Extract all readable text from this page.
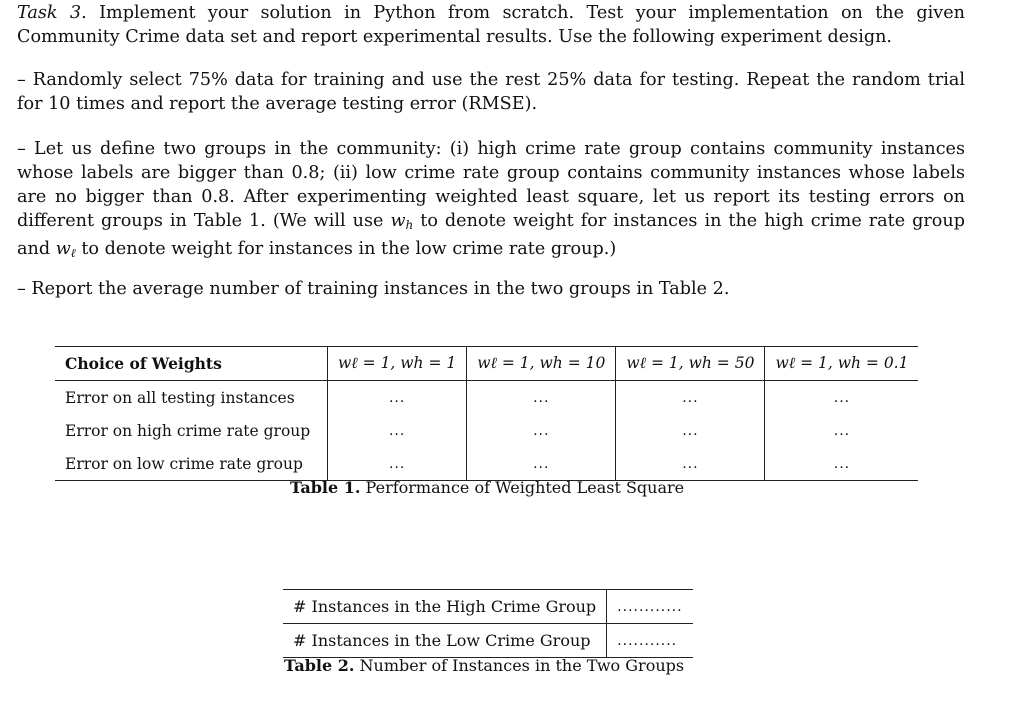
Task 3. Implement your solution in Python from scratch. Test your implementation on the given Community Crime data set and report experimental results. Use the following experiment design.

– Randomly select 75% data for training and use the rest 25% data for testing. Repeat the random trial for 10 times and report the average testing error (RMSE).

– Let us define two groups in the community: (i) high crime rate group contains community instances whose labels are bigger than 0.8; (ii) low crime rate group contains community instances whose labels are no bigger than 0.8. After experimenting weighted least square, let us report its testing errors on different groups in Table 1. (We will use $w_h$ to denote weight for instances in the high crime rate group and $w_\ell$ to denote weight for instances in the low crime rate group.)

– Report the average number of training instances in the two groups in Table 2.

Choice of Weights	wℓ = 1, wh = 1	wℓ = 1, wh = 10	wℓ = 1, wh = 50	wℓ = 1, wh = 0.1
Error on all testing instances	...	...	...	...
Error on high crime rate group	...	...	...	...
Error on low crime rate group	...	...	...	...
Table 1. Performance of Weighted Least Square
# Instances in the High Crime Group	............
# Instances in the Low Crime Group	...........
Table 2. Number of Instances in the Two Groups
